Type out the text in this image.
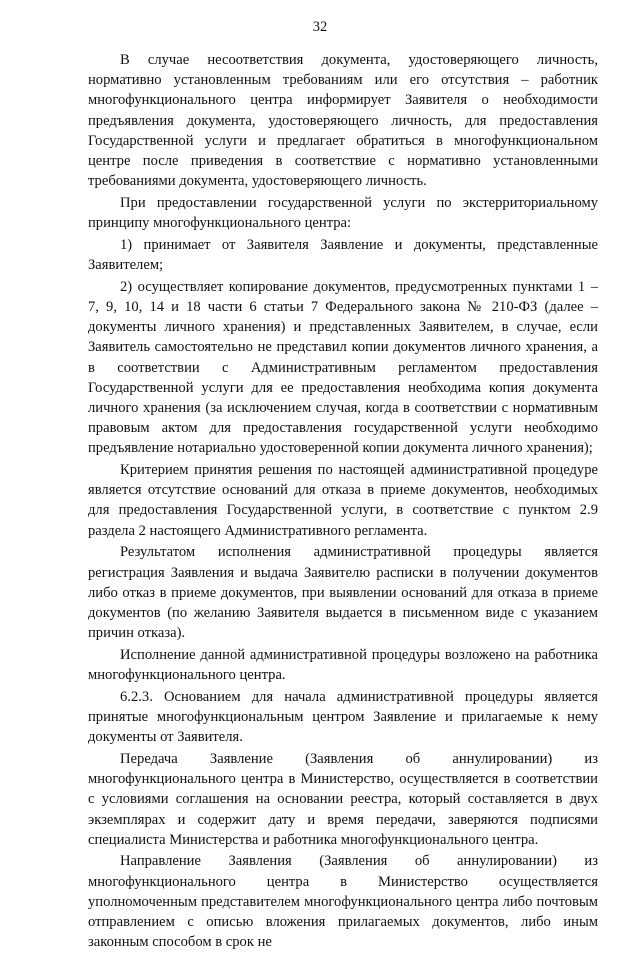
32

В случае несоответствия документа, удостоверяющего личность, нормативно установленным требованиям или его отсутствия – работник многофункционального центра информирует Заявителя о необходимости предъявления документа, удостоверяющего личность, для предоставления Государственной услуги и предлагает обратиться в многофункциональном центре после приведения в соответствие с нормативно установленными требованиями документа, удостоверяющего личность.

При предоставлении государственной услуги по экстерриториальному принципу многофункционального центра:

1) принимает от Заявителя Заявление и документы, представленные Заявителем;

2) осуществляет копирование документов, предусмотренных пунктами 1 – 7, 9, 10, 14 и 18 части 6 статьи 7 Федерального закона № 210-ФЗ (далее – документы личного хранения) и представленных Заявителем, в случае, если Заявитель самостоятельно не представил копии документов личного хранения, а в соответствии с Административным регламентом предоставления Государственной услуги для ее предоставления необходима копия документа личного хранения (за исключением случая, когда в соответствии с нормативным правовым актом для предоставления государственной услуги необходимо предъявление нотариально удостоверенной копии документа личного хранения);

Критерием принятия решения по настоящей административной процедуре является отсутствие оснований для отказа в приеме документов, необходимых для предоставления Государственной услуги, в соответствие с пунктом 2.9 раздела 2 настоящего Административного регламента.

Результатом исполнения административной процедуры является регистрация Заявления и выдача Заявителю расписки в получении документов либо отказ в приеме документов, при выявлении оснований для отказа в приеме документов (по желанию Заявителя выдается в письменном виде с указанием причин отказа).

Исполнение данной административной процедуры возложено на работника многофункционального центра.

6.2.3. Основанием для начала административной процедуры является принятые многофункциональным центром Заявление и прилагаемые к нему документы от Заявителя.

Передача Заявление (Заявления об аннулировании) из многофункционального центра в Министерство, осуществляется в соответствии с условиями соглашения на основании реестра, который составляется в двух экземплярах и содержит дату и время передачи, заверяются подписями специалиста Министерства и работника многофункционального центра.

Направление Заявления (Заявления об аннулировании) из многофункционального центра в Министерство осуществляется уполномоченным представителем многофункционального центра либо почтовым отправлением с описью вложения прилагаемых документов, либо иным законным способом в срок не
